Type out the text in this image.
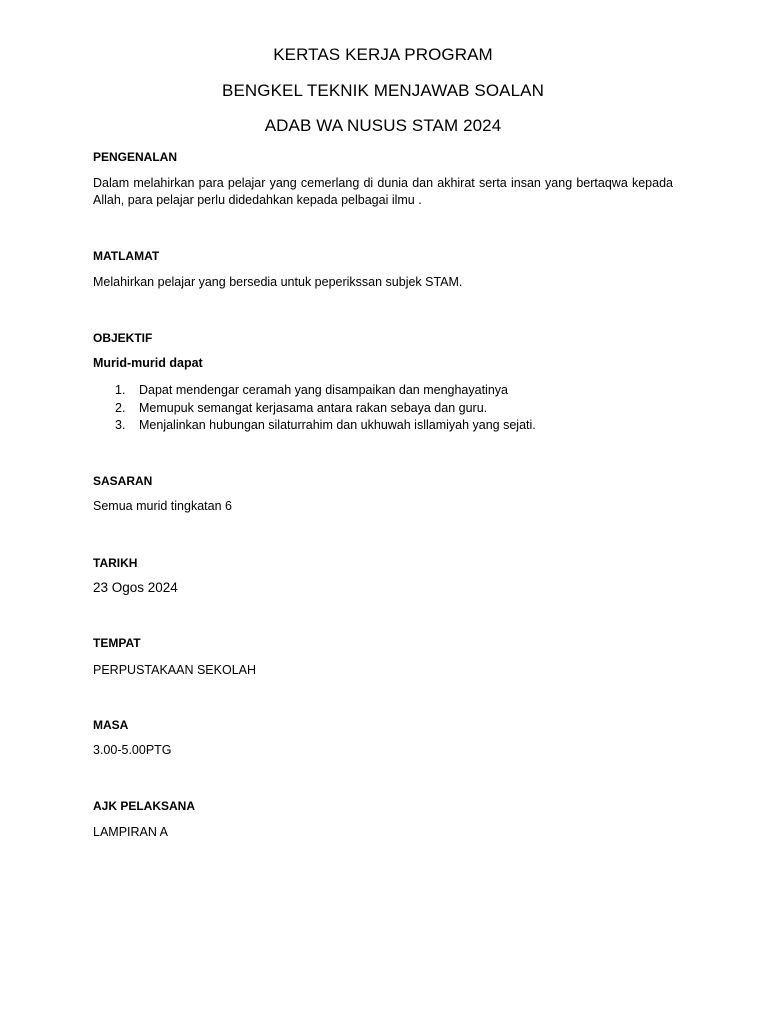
KERTAS KERJA PROGRAM
BENGKEL TEKNIK MENJAWAB SOALAN
ADAB WA NUSUS STAM 2024
PENGENALAN
Dalam melahirkan para pelajar yang cemerlang di dunia dan akhirat serta insan yang bertaqwa kepada Allah, para pelajar perlu didedahkan kepada pelbagai ilmu .
MATLAMAT
Melahirkan pelajar yang bersedia untuk peperikssan subjek STAM.
OBJEKTIF
Murid-murid dapat
1. Dapat mendengar ceramah yang disampaikan dan menghayatinya
2. Memupuk semangat kerjasama antara rakan sebaya dan guru.
3. Menjalinkan hubungan silaturrahim dan ukhuwah isllamiyah yang sejati.
SASARAN
Semua murid tingkatan 6
TARIKH
23 Ogos 2024
TEMPAT
PERPUSTAKAAN SEKOLAH
MASA
3.00-5.00PTG
AJK PELAKSANA
LAMPIRAN A
